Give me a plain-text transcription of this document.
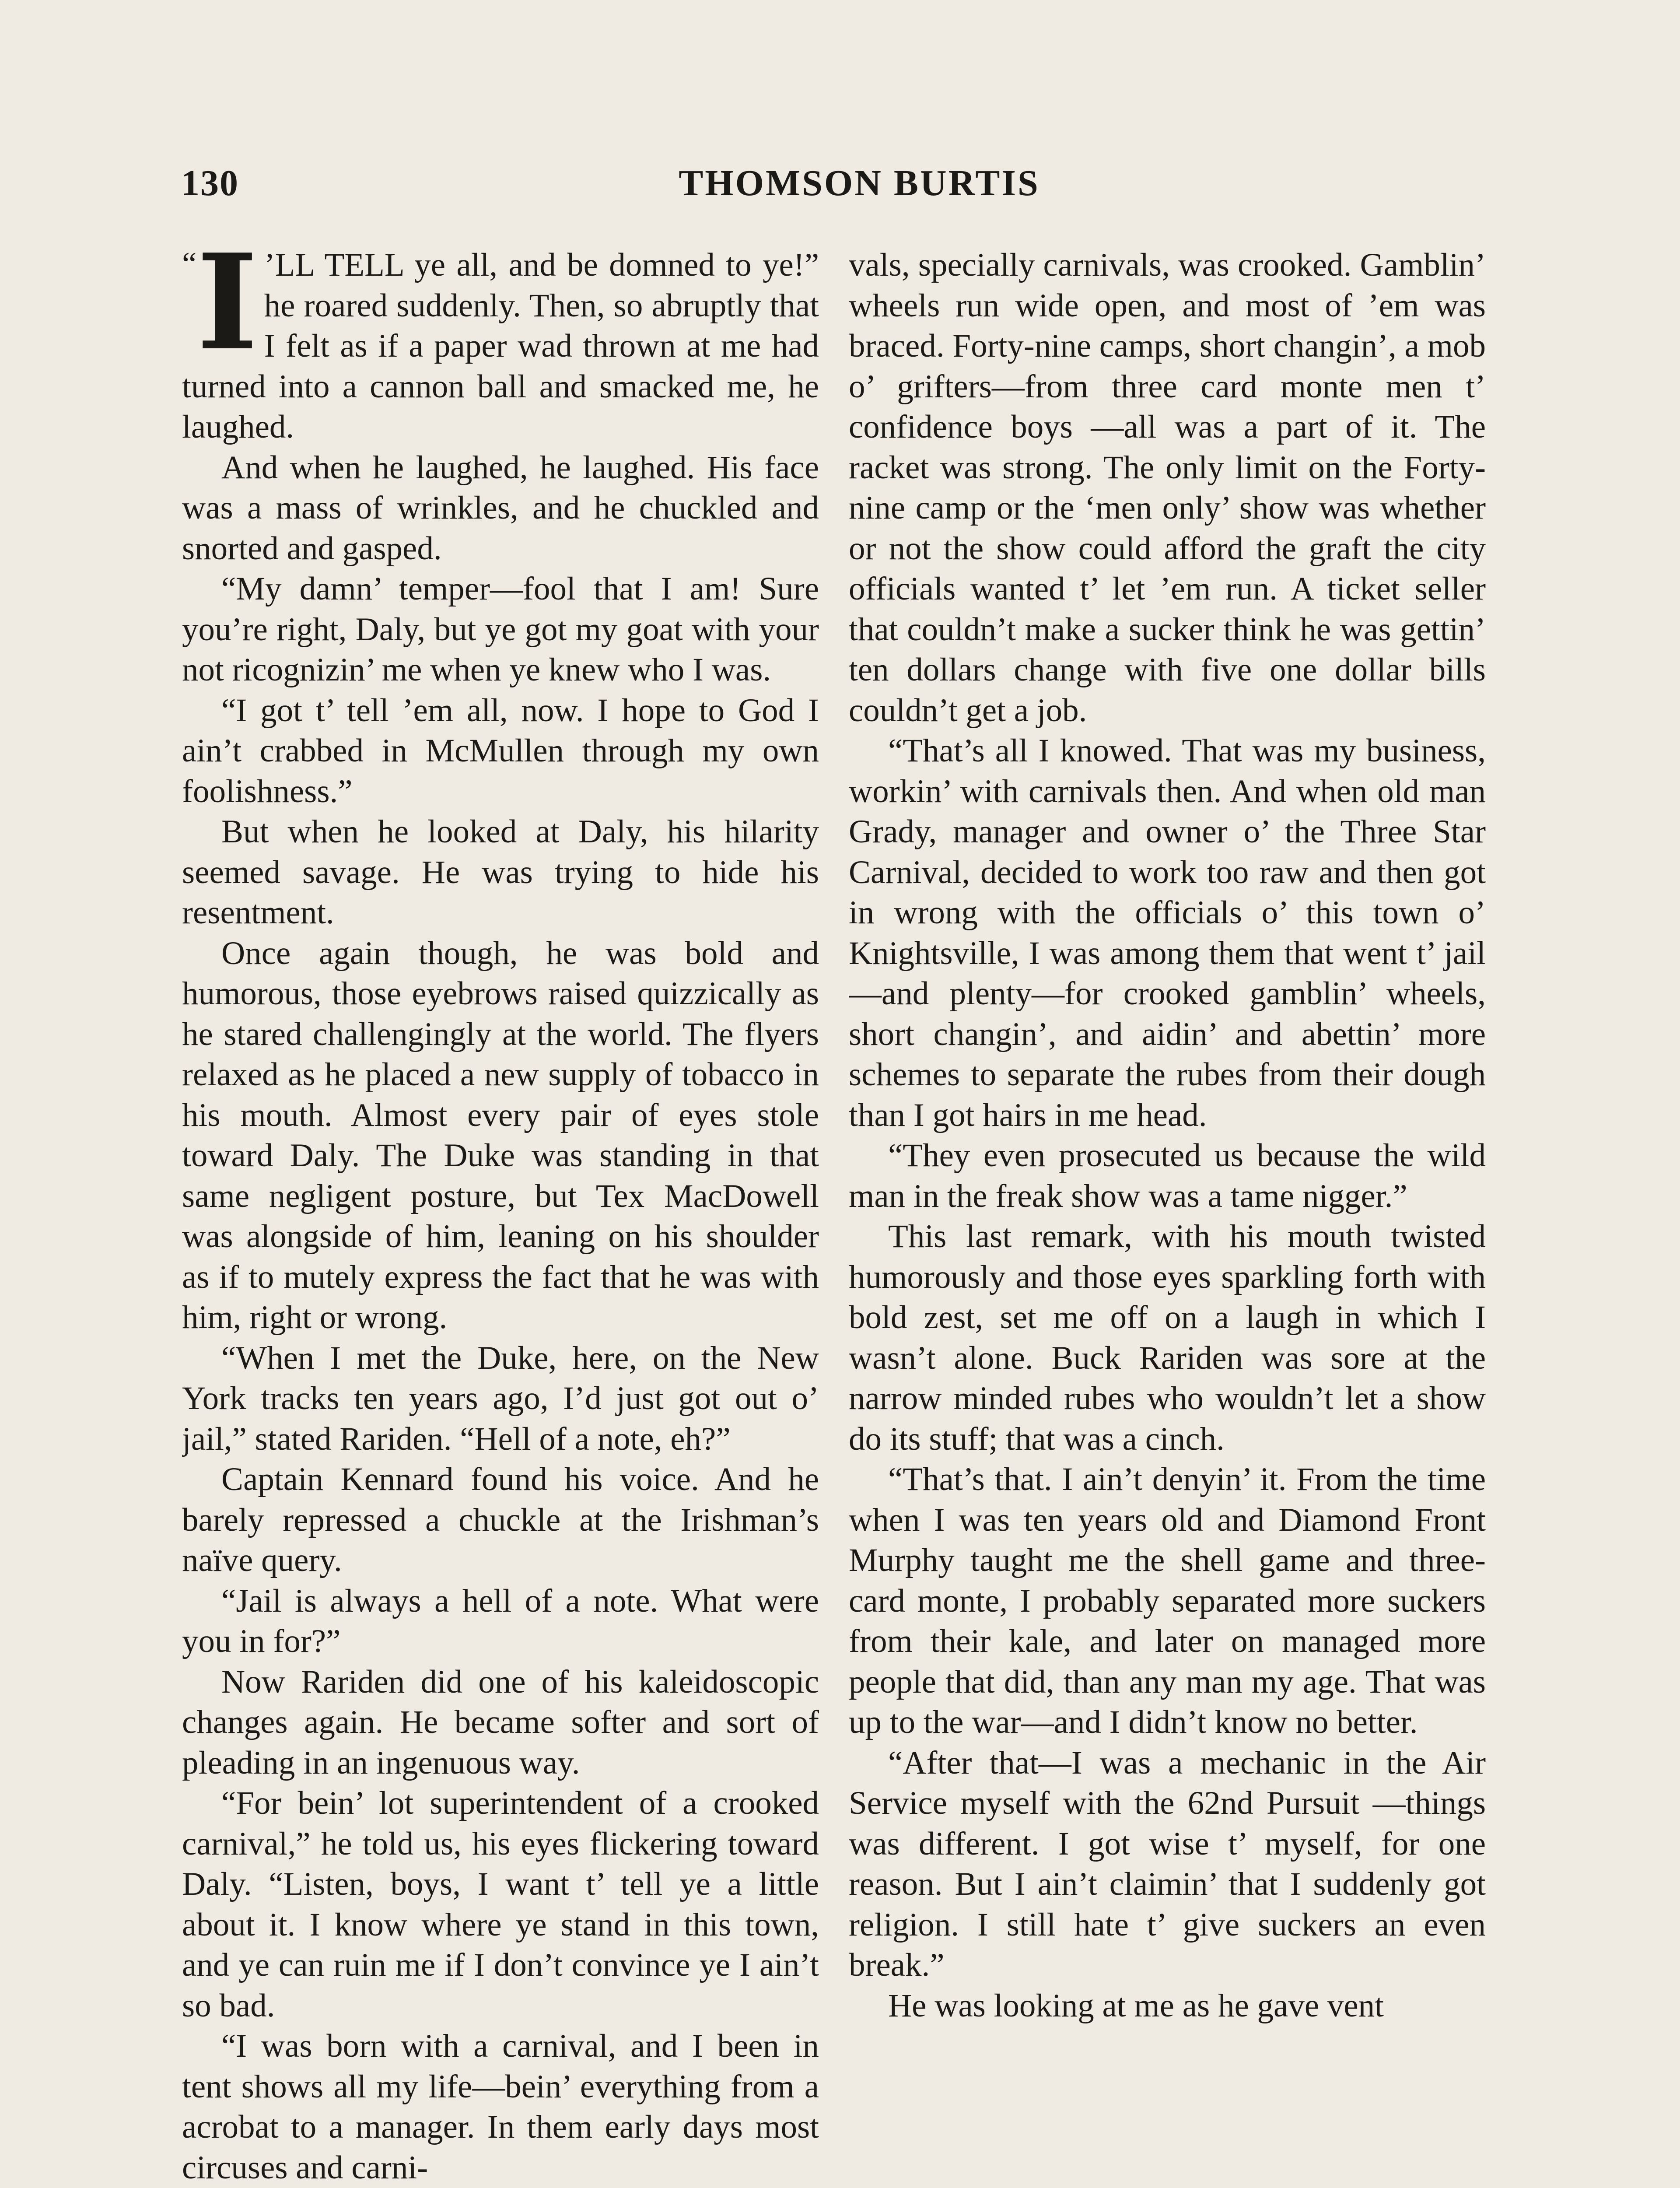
130	THOMSON BURTIS

“I ’LL TELL ye all, and be domned to ye!” he roared suddenly. Then, so abruptly that I felt as if a paper wad thrown at me had turned into a cannon ball and smacked me, he laughed.

And when he laughed, he laughed. His face was a mass of wrinkles, and he chuckled and snorted and gasped.

“My damn’ temper—fool that I am! Sure you’re right, Daly, but ye got my goat with your not ricognizin’ me when ye knew who I was.

“I got t’ tell ’em all, now. I hope to God I ain’t crabbed in McMullen through my own foolishness.”

But when he looked at Daly, his hilarity seemed savage. He was trying to hide his resentment.

Once again though, he was bold and humorous, those eyebrows raised quizzically as he stared challengingly at the world. The flyers relaxed as he placed a new supply of tobacco in his mouth. Almost every pair of eyes stole toward Daly. The Duke was standing in that same negligent posture, but Tex MacDowell was alongside of him, leaning on his shoulder as if to mutely express the fact that he was with him, right or wrong.

“When I met the Duke, here, on the New York tracks ten years ago, I’d just got out o’ jail,” stated Rariden. “Hell of a note, eh?”

Captain Kennard found his voice. And he barely repressed a chuckle at the Irishman’s naïve query.

“Jail is always a hell of a note. What were you in for?”

Now Rariden did one of his kaleidoscopic changes again. He became softer and sort of pleading in an ingenuous way.

“For bein’ lot superintendent of a crooked carnival,” he told us, his eyes flickering toward Daly. “Listen, boys, I want t’ tell ye a little about it. I know where ye stand in this town, and ye can ruin me if I don’t convince ye I ain’t so bad.

“I was born with a carnival, and I been in tent shows all my life—bein’ everything from a acrobat to a manager. In them early days most circuses and carni-

vals, specially carnivals, was crooked. Gamblin’ wheels run wide open, and most of ’em was braced. Forty-nine camps, short changin’, a mob o’ grifters—from three card monte men t’ confidence boys —all was a part of it. The racket was strong. The only limit on the Forty-nine camp or the ‘men only’ show was whether or not the show could afford the graft the city officials wanted t’ let ’em run. A ticket seller that couldn’t make a sucker think he was gettin’ ten dollars change with five one dollar bills couldn’t get a job.

“That’s all I knowed. That was my business, workin’ with carnivals then. And when old man Grady, manager and owner o’ the Three Star Carnival, decided to work too raw and then got in wrong with the officials o’ this town o’ Knightsville, I was among them that went t’ jail—and plenty—for crooked gamblin’ wheels, short changin’, and aidin’ and abettin’ more schemes to separate the rubes from their dough than I got hairs in me head.

“They even prosecuted us because the wild man in the freak show was a tame nigger.”

This last remark, with his mouth twisted humorously and those eyes sparkling forth with bold zest, set me off on a laugh in which I wasn’t alone. Buck Rariden was sore at the narrow minded rubes who wouldn’t let a show do its stuff; that was a cinch.

“That’s that. I ain’t denyin’ it. From the time when I was ten years old and Diamond Front Murphy taught me the shell game and three-card monte, I probably separated more suckers from their kale, and later on managed more people that did, than any man my age. That was up to the war—and I didn’t know no better.

“After that—I was a mechanic in the Air Service myself with the 62nd Pursuit —things was different. I got wise t’ myself, for one reason. But I ain’t claimin’ that I suddenly got religion. I still hate t’ give suckers an even break.”

He was looking at me as he gave vent
